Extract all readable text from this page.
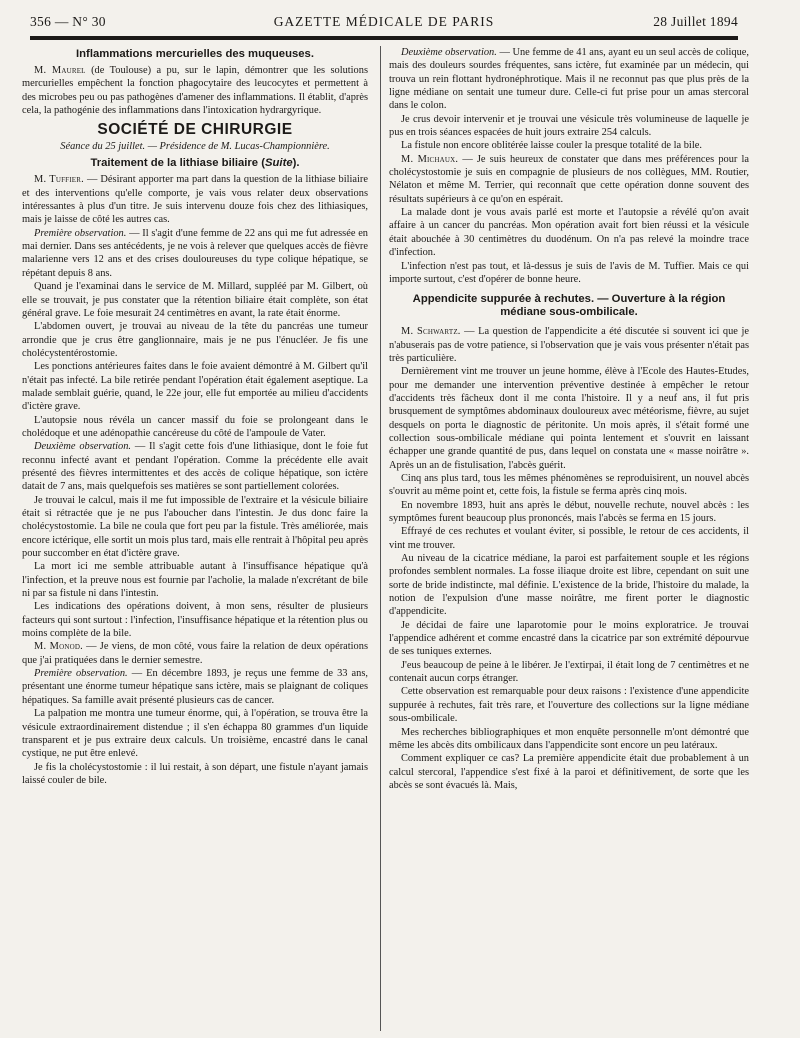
356 — N° 30	GAZETTE MÉDICALE DE PARIS	28 Juillet 1894
Inflammations mercurielles des muqueuses.

M. Maurel (de Toulouse) a pu, sur le lapin, démontrer que les solutions mercurielles empêchent la fonction phagocytaire des leucocytes et permettent à des microbes peu ou pas pathogènes d'amener des inflammations. Il établit, d'après cela, la pathogénie des inflammations dans l'intoxication hydrargyrique.

SOCIÉTÉ DE CHIRURGIE
Séance du 25 juillet. — Présidence de M. Lucas-Championnière.
Traitement de la lithiase biliaire (Suite).

M. Tuffier. — Désirant apporter ma part dans la question de la lithiase biliaire et des interventions qu'elle comporte, je vais vous relater deux observations intéressantes à plus d'un titre. Je suis intervenu douze fois chez des lithiasiques, mais je laisse de côté les autres cas.

Première observation. — Il s'agit d'une femme de 22 ans qui me fut adressée en mai dernier. Dans ses antécédents, je ne vois à relever que quelques accès de fièvre malarienne vers 12 ans et des crises douloureuses du type colique hépatique, se répétant depuis 8 ans.

Quand je l'examinai dans le service de M. Millard, suppléé par M. Gilbert, où elle se trouvait, je pus constater que la rétention biliaire était complète, son état général grave. Le foie mesurait 24 centimètres en avant, la rate était énorme.

L'abdomen ouvert, je trouvai au niveau de la tête du pancréas une tumeur arrondie que je crus être ganglionnaire, mais je ne pus l'énucléer. Je fis une cholécystentérostomie.

Les ponctions antérieures faites dans le foie avaient démontré à M. Gilbert qu'il n'était pas infecté. La bile retirée pendant l'opération était également aseptique. La malade semblait guérie, quand, le 22e jour, elle fut emportée au milieu d'accidents d'ictère grave.

L'autopsie nous révéla un cancer massif du foie se prolongeant dans le cholédoque et une adénopathie cancéreuse du côté de l'ampoule de Vater.

Deuxième observation. — Il s'agit cette fois d'une lithiasique, dont le foie fut reconnu infecté avant et pendant l'opération. Comme la précédente elle avait présenté des fièvres intermittentes et des accès de colique hépatique, son ictère datait de 7 ans, mais quelquefois ses matières se sont partiellement colorées.

Je trouvai le calcul, mais il me fut impossible de l'extraire et la vésicule biliaire était si rétractée que je ne pus l'aboucher dans l'intestin. Je dus donc faire la cholécystostomie. La bile ne coula que fort peu par la fistule. Très améliorée, mais encore ictérique, elle sortit un mois plus tard, mais elle rentrait à l'hôpital peu après pour succomber en état d'ictère grave.

La mort ici me semble attribuable autant à l'insuffisance hépatique qu'à l'infection, et la preuve nous est fournie par l'acholie, la malade n'excrétant de bile ni par sa fistule ni dans l'intestin.

Les indications des opérations doivent, à mon sens, résulter de plusieurs facteurs qui sont surtout : l'infection, l'insuffisance hépatique et la rétention plus ou moins complète de la bile.

M. Monod. — Je viens, de mon côté, vous faire la relation de deux opérations que j'ai pratiquées dans le dernier semestre.

Première observation. — En décembre 1893, je reçus une femme de 33 ans, présentant une énorme tumeur hépatique sans ictère, mais se plaignant de coliques hépatiques. Sa famille avait présenté plusieurs cas de cancer.

La palpation me montra une tumeur énorme, qui, à l'opération, se trouva être la vésicule extraordinairement distendue ; il s'en échappa 80 grammes d'un liquide transparent et je pus extraire deux calculs. Un troisième, encastré dans le canal cystique, ne put être enlevé.

Je fis la cholécystostomie : il lui restait, à son départ, une fistule n'ayant jamais laissé couler de bile.

Deuxième observation. — Une femme de 41 ans, ayant eu un seul accès de colique, mais des douleurs sourdes fréquentes, sans ictère, fut examinée par un médecin, qui trouva un rein flottant hydronéphrotique. Mais il ne reconnut pas que plus près de la ligne médiane on sentait une tumeur dure. Celle-ci fut prise pour un amas stercoral dans le colon.

Je crus devoir intervenir et je trouvai une vésicule très volumineuse de laquelle je pus en trois séances espacées de huit jours extraire 254 calculs.

La fistule non encore oblitérée laisse couler la presque totalité de la bile.

M. Michaux. — Je suis heureux de constater que dans mes préférences pour la cholécystostomie je suis en compagnie de plusieurs de nos collègues, MM. Routier, Nélaton et même M. Terrier, qui reconnaît que cette opération donne souvent des résultats supérieurs à ce qu'on en espérait.

La malade dont je vous avais parlé est morte et l'autopsie a révélé qu'on avait affaire à un cancer du pancréas. Mon opération avait fort bien réussi et la vésicule était abouchée à 30 centimètres du duodénum. On n'a pas relevé la moindre trace d'infection.

L'infection n'est pas tout, et là-dessus je suis de l'avis de M. Tuffier. Mais ce qui importe surtout, c'est d'opérer de bonne heure.

Appendicite suppurée à rechutes. — Ouverture à la région médiane sous-ombilicale.

M. Schwartz. — La question de l'appendicite a été discutée si souvent ici que je n'abuserais pas de votre patience, si l'observation que je vais vous présenter n'était pas très particulière.

Dernièrement vint me trouver un jeune homme, élève à l'Ecole des Hautes-Etudes, pour me demander une intervention préventive destinée à empêcher le retour d'accidents très fâcheux dont il me conta l'histoire. Il y a neuf ans, il fut pris brusquement de symptômes abdominaux douloureux avec météorisme, fièvre, au sujet desquels on porta le diagnostic de péritonite. Un mois après, il s'était formé une collection sous-ombilicale médiane qui pointa lentement et s'ouvrit en laissant échapper une grande quantité de pus, dans lequel on constata une « masse noirâtre ». Après un an de fistulisation, l'abcès guérit.

Cinq ans plus tard, tous les mêmes phénomènes se reproduisirent, un nouvel abcès s'ouvrit au même point et, cette fois, la fistule se ferma après cinq mois.

En novembre 1893, huit ans après le début, nouvelle rechute, nouvel abcès : les symptômes furent beaucoup plus prononcés, mais l'abcès se ferma en 15 jours.

Effrayé de ces rechutes et voulant éviter, si possible, le retour de ces accidents, il vint me trouver.

Au niveau de la cicatrice médiane, la paroi est parfaitement souple et les régions profondes semblent normales. La fosse iliaque droite est libre, cependant on suit une sorte de bride indistincte, mal définie. L'existence de la bride, l'histoire du malade, la notion de l'expulsion d'une masse noirâtre, me firent porter le diagnostic d'appendicite.

Je décidai de faire une laparotomie pour le moins exploratrice. Je trouvai l'appendice adhérent et comme encastré dans la cicatrice par son extrémité dépourvue de ses tuniques externes.

J'eus beaucoup de peine à le libérer. Je l'extirpai, il était long de 7 centimètres et ne contenait aucun corps étranger.

Cette observation est remarquable pour deux raisons : l'existence d'une appendicite suppurée à rechutes, fait très rare, et l'ouverture des collections sur la ligne médiane sous-ombilicale.

Mes recherches bibliographiques et mon enquête personnelle m'ont démontré que même les abcès dits ombilicaux dans l'appendicite sont encore un peu latéraux.

Comment expliquer ce cas? La première appendicite était due probablement à un calcul stercoral, l'appendice s'est fixé à la paroi et définitivement, de sorte que les abcès se sont évacués là. Mais,
